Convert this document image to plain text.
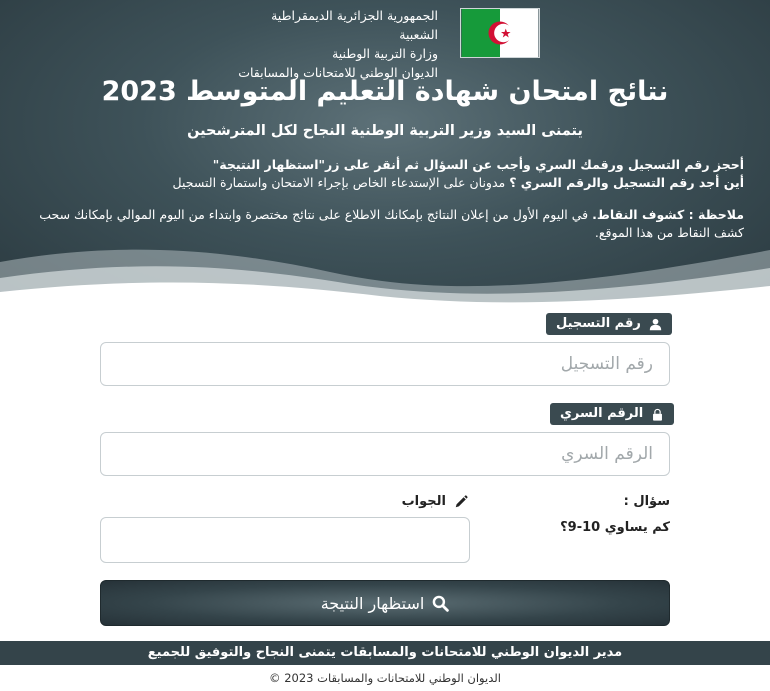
الجمهورية الجزائرية الديمقراطية الشعبية
وزارة التربية الوطنية
الديوان الوطني للامتحانات والمسابقات
نتائج امتحان شهادة التعليم المتوسط 2023
يتمنى السيد وزير التربية الوطنية النجاح لكل المترشحين
أحجز رقم التسجيل ورقمك السري وأجب عن السؤال ثم أنقر على زر"استظهار النتيجة"
أين أجد رقم التسجيل والرقم السري ؟ مدونان على الإستدعاء الخاص بإجراء الامتحان واستمارة التسجيل
ملاحظة : كشوف النقاط. في اليوم الأول من إعلان النتائج بإمكانك الاطلاع على نتائج مختصرة وابتداء من اليوم الموالي بإمكانك سحب كشف النقاط من هذا الموقع.
رقم التسجيل
رقم التسجيل
الرقم السري
سؤال :
كم يساوي 10-9؟
الجواب
استظهار النتيجة
مدير الديوان الوطني للامتحانات والمسابقات يتمنى النجاح والتوفيق للجميع
الديوان الوطني للامتحانات والمسابقات 2023 ©
